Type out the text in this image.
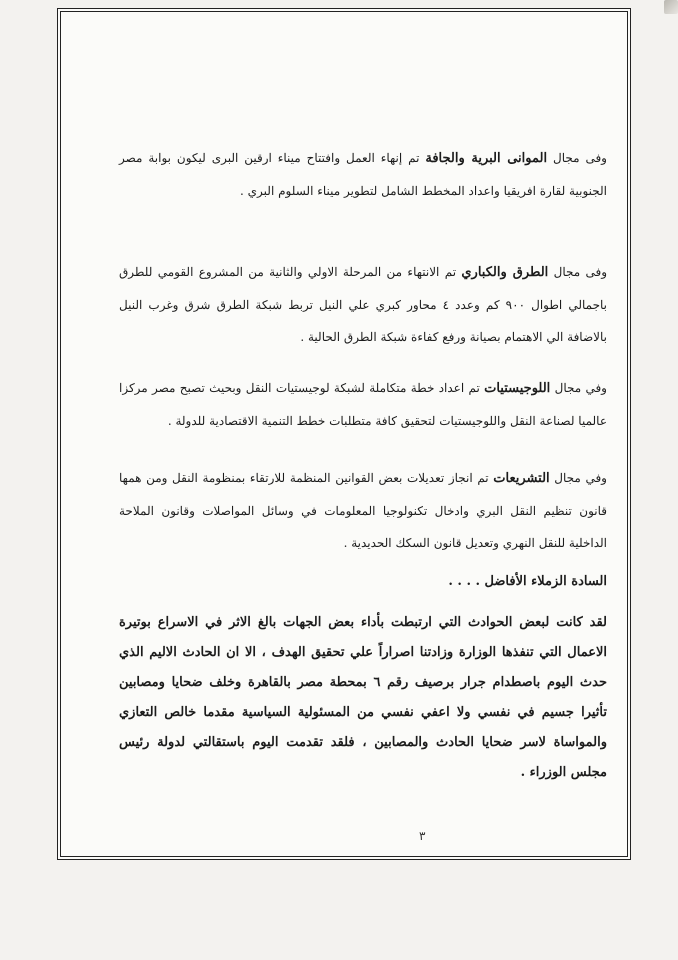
وفى مجال الموانى البرية والجافة تم إنهاء العمل وافتتاح ميناء ارقين البرى ليكون بوابة مصر الجنوبية لقارة افريقيا واعداد المخطط الشامل لتطوير ميناء السلوم البري .
وفى مجال الطرق والكباري تم الانتهاء من المرحلة الاولي والثانية من المشروع القومي للطرق باجمالي اطوال ٩٠٠ كم وعدد ٤ محاور كبري علي النيل تربط شبكة الطرق شرق وغرب النيل بالاضافة الي الاهتمام بصيانة ورفع كفاءة شبكة الطرق الحالية .
وفي مجال اللوجيستيات تم اعداد خطة متكاملة لشبكة لوجيستيات النقل وبحيث تصبح مصر مركزا عالميا لصناعة النقل واللوجيستيات لتحقيق كافة متطلبات خطط التنمية الاقتصادية للدولة .
وفي مجال التشريعات تم انجاز تعديلات بعض القوانين المنظمة للارتقاء بمنظومة النقل ومن همها قانون تنظيم النقل البري وادخال تكنولوجيا المعلومات في وسائل المواصلات وقانون الملاحة الداخلية للنقل النهري وتعديل قانون السكك الحديدية .
السادة الزملاء الأفاضل . . . .
لقد كانت لبعض الحوادث التي ارتبطت بأداء بعض الجهات بالغ الاثر في الاسراع بوتيرة الاعمال التي تنفذها الوزارة وزادتنا اصراراً علي تحقيق الهدف ، الا ان الحادث الاليم الذي حدث اليوم باصطدام جرار برصيف رقم ٦ بمحطة مصر بالقاهرة وخلف ضحايا ومصابين تأثيرا جسيم في نفسي ولا اعفي نفسي من المسئولية السياسية مقدما خالص التعازي والمواساة لاسر ضحايا الحادث والمصابين ، فلقد تقدمت اليوم باستقالتي لدولة رئيس مجلس الوزراء .
٣
